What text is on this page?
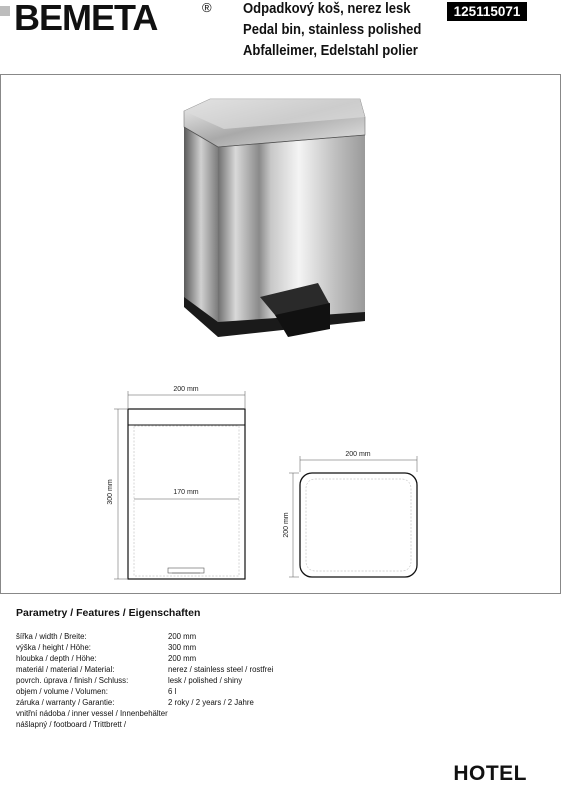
BEMETA	® Odpadkový koš, nerez lesk
Pedal bin, stainless polished
Abfalleimer, Edelstahl polier
125115071
200 mm
170 mm
300 mm
200 mm
200 mm
Parametry / Features / Eigenschaften
šířka / width / Breite:	200 mm
výška / height / Höhe:	300 mm
hloubka / depth / Höhe:	200 mm
materiál / material / Material:	nerez / stainless steel / rostfrei
povrch. úprava / finish / Schluss:	lesk / polished / shiny
objem / volume / Volumen:	6 l
záruka / warranty / Garantie:	2 roky / 2 years / 2 Jahre
vnitřní nádoba / inner vessel / Innenbehälter
nášlapný / footboard / Trittbrett /
HOTEL
